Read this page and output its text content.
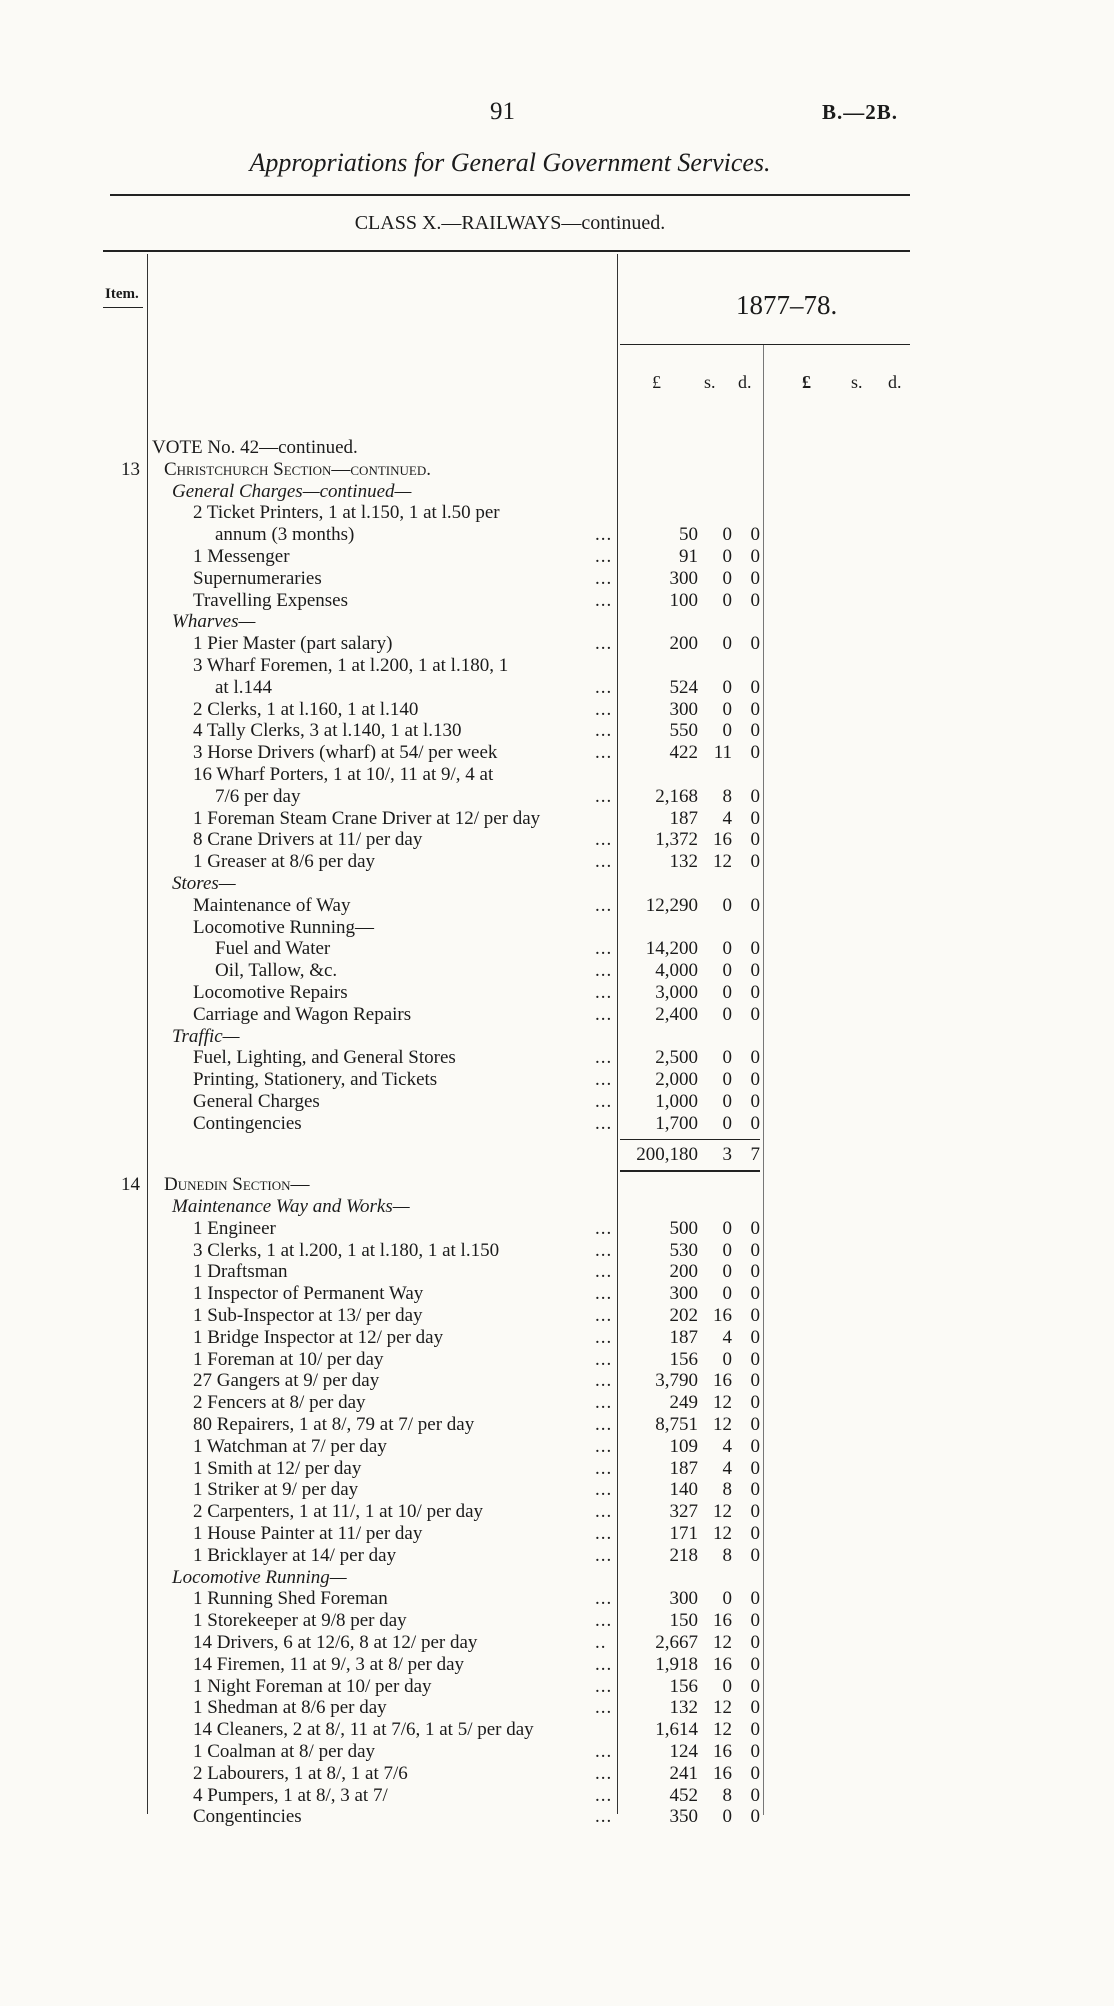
91	B.—2B.
Appropriations for General Government Services.
CLASS X.—RAILWAYS—continued.
Item.	1877–78.
£ s. d.	£ s. d.
VOTE No. 42—continued.
13 Christchurch Section—continued.
General Charges—continued—
2 Ticket Printers, 1 at l.150, 1 at l.50 per
annum (3 months)	...	50	0 0
1 Messenger	...	91	0 0
Supernumeraries	...	300	0 0
Travelling Expenses	...	100	0 0
Wharves—
1 Pier Master (part salary)	...	200	0 0
3 Wharf Foremen, 1 at l.200, 1 at l.180, 1
at l.144	...	524	0 0
2 Clerks, 1 at l.160, 1 at l.140	...	300	0 0
4 Tally Clerks, 3 at l.140, 1 at l.130	...	550	0 0
3 Horse Drivers (wharf) at 54/ per week	...	422 11 0
16 Wharf Porters, 1 at 10/, 11 at 9/, 4 at
7/6 per day	...	2,168	8 0
1 Foreman Steam Crane Driver at 12/ per day	187	4 0
8 Crane Drivers at 11/ per day	...	1,372 16 0
1 Greaser at 8/6 per day	...	132 12 0
Stores—
Maintenance of Way	...	12,290	0 0
Locomotive Running—
Fuel and Water	...	14,200	0 0
Oil, Tallow, &c.	...	4,000	0 0
Locomotive Repairs	...	3,000	0 0
Carriage and Wagon Repairs	...	2,400	0 0
Traffic—
Fuel, Lighting, and General Stores	...	2,500	0 0
Printing, Stationery, and Tickets	...	2,000	0 0
General Charges	...	1,000	0 0
Contingencies	...	1,700	0 0
200,180	3 7
14 Dunedin Section—
Maintenance Way and Works—
1 Engineer	...	500	0 0
3 Clerks, 1 at l.200, 1 at l.180, 1 at l.150	...	530	0 0
1 Draftsman	...	200	0 0
1 Inspector of Permanent Way	...	300	0 0
1 Sub-Inspector at 13/ per day	...	202 16 0
1 Bridge Inspector at 12/ per day	...	187	4 0
1 Foreman at 10/ per day	...	156	0 0
27 Gangers at 9/ per day	...	3,790 16 0
2 Fencers at 8/ per day	...	249 12 0
80 Repairers, 1 at 8/, 79 at 7/ per day	...	8,751 12 0
1 Watchman at 7/ per day	...	109	4 0
1 Smith at 12/ per day	...	187	4 0
1 Striker at 9/ per day	...	140	8 0
2 Carpenters, 1 at 11/, 1 at 10/ per day	...	327 12 0
1 House Painter at 11/ per day	...	171 12 0
1 Bricklayer at 14/ per day	...	218	8 0
Locomotive Running—
1 Running Shed Foreman	...	300	0 0
1 Storekeeper at 9/8 per day	...	150 16 0
14 Drivers, 6 at 12/6, 8 at 12/ per day	..	2,667 12 0
14 Firemen, 11 at 9/, 3 at 8/ per day	...	1,918 16 0
1 Night Foreman at 10/ per day	...	156	0 0
1 Shedman at 8/6 per day	...	132 12 0
14 Cleaners, 2 at 8/, 11 at 7/6, 1 at 5/ per day	1,614 12 0
1 Coalman at 8/ per day	...	124 16 0
2 Labourers, 1 at 8/, 1 at 7/6	...	241 16 0
4 Pumpers, 1 at 8/, 3 at 7/	...	452	8 0
Congentincies	...	350	0 0
